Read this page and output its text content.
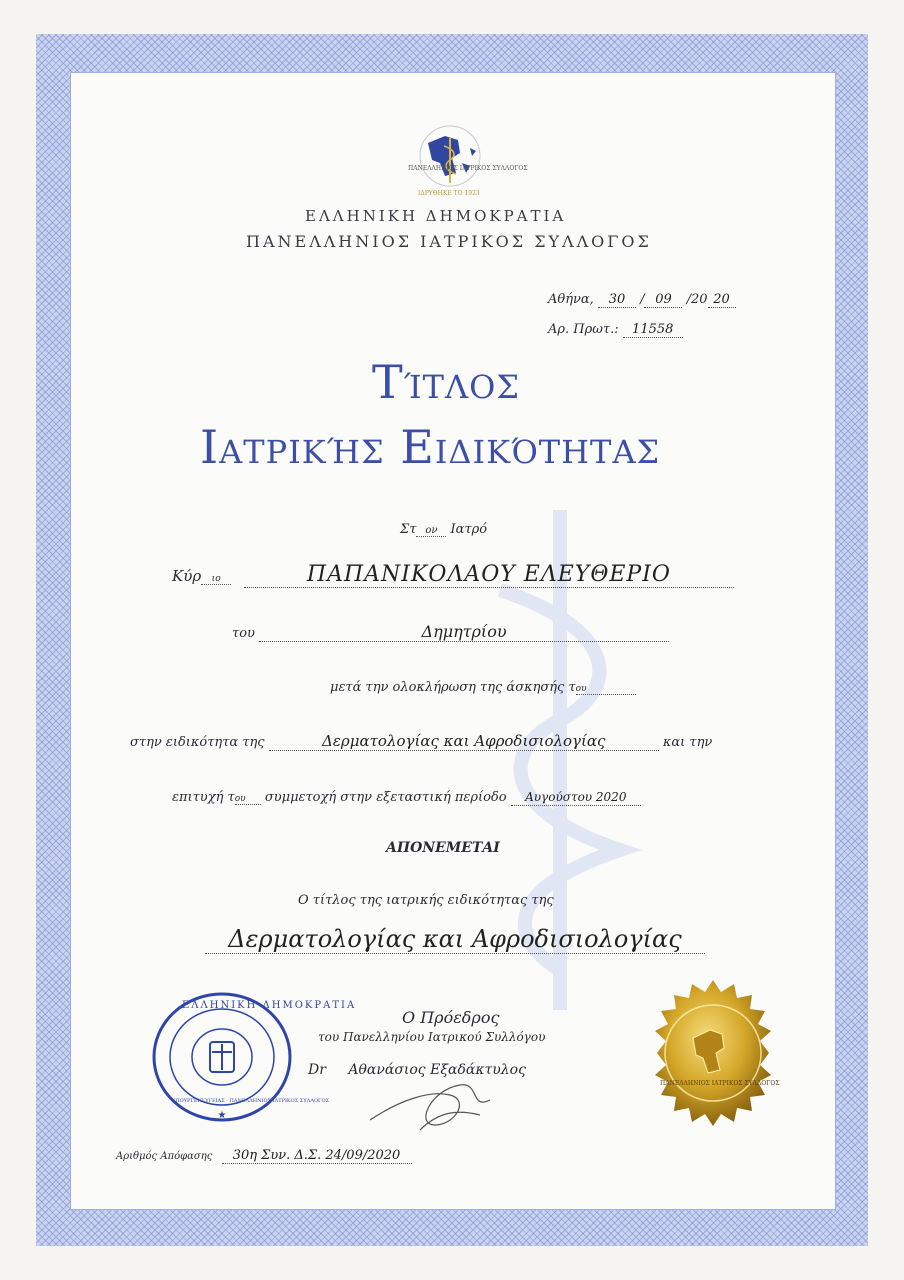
ΠΑΝΕΛΛΗΝΙΟΣ ΙΑΤΡΙΚΟΣ ΣΥΛΛΟΓΟΣ
ΙΔΡΥΘΗΚΕ ΤΟ 1923
ΕΛΛΗΝΙΚΗ ΔΗΜΟΚΡΑΤΙΑ
ΠΑΝΕΛΛΗΝΙΟΣ ΙΑΤΡΙΚΟΣ ΣΥΛΛΟΓΟΣ
Αθήνα, 30 / 09 /20 20
Αρ. Πρωτ.: 11558
Τίτλος
Ιατρικής Ειδικότητας
Στ ον Ιατρό
Κύρ ιο	ΠΑΠΑΝΙΚΟΛΑΟΥ ΕΛΕΥΘΕΡΙΟ
του	Δημητρίου
μετά την ολοκλήρωση της άσκησής του
στην ειδικότητα της	Δερματολογίας και Αφροδισιολογίας	και την
επιτυχή του συμμετοχή στην εξεταστική περίοδο Αυγούστου 2020
ΑΠΟΝΕΜΕΤΑΙ
Ο τίτλος της ιατρικής ειδικότητας της
Δερματολογίας και Αφροδισιολογίας
★
ΕΛΛΗΝΙΚΗ ΔΗΜΟΚΡΑΤΙΑ
ΥΠΟΥΡΓΕΙΟ ΥΓΕΙΑΣ · ΠΑΝΕΛΛΗΝΙΟΣ ΙΑΤΡΙΚΟΣ ΣΥΛΛΟΓΟΣ
Ο Πρόεδρος
του Πανελληνίου Ιατρικού Συλλόγου
Dr Αθανάσιος Εξαδάκτυλος
ΠΑΝΕΛΛΗΝΙΟΣ ΙΑΤΡΙΚΟΣ ΣΥΛΛΟΓΟΣ
Αριθμός Απόφασης 30η Συν. Δ.Σ. 24/09/2020
